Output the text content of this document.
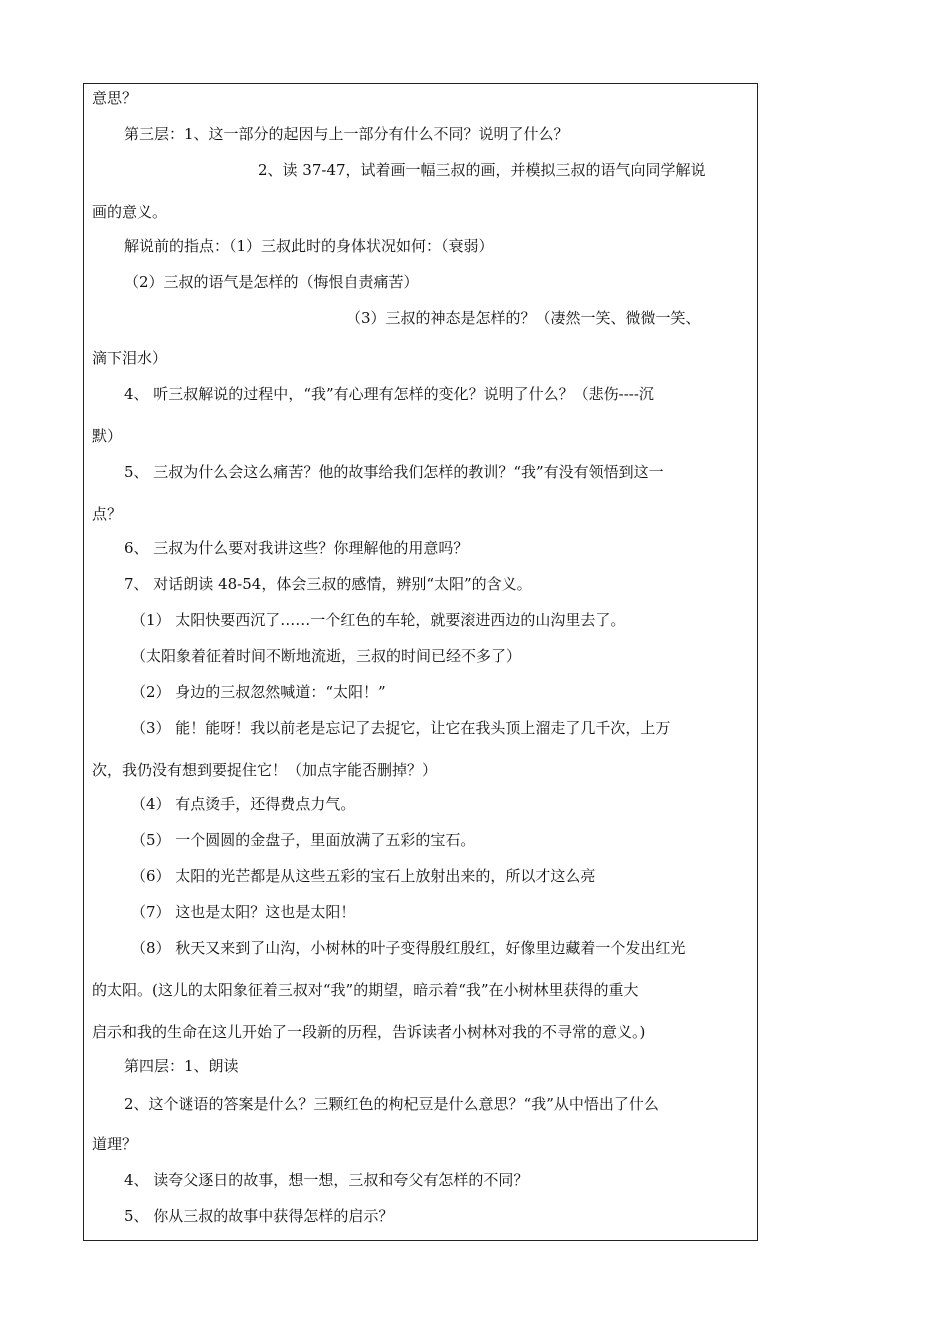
意思？
第三层：1、这一部分的起因与上一部分有什么不同？说明了什么？
2、读 37-47，试着画一幅三叔的画，并模拟三叔的语气向同学解说
画的意义。
解说前的指点：（1）三叔此时的身体状况如何：（衰弱）
（2）三叔的语气是怎样的（悔恨自责痛苦）
（3）三叔的神态是怎样的？（凄然一笑、微微一笑、
滴下泪水）
4、 听三叔解说的过程中，“我”有心理有怎样的变化？说明了什么？（悲伤----沉
默）
5、 三叔为什么会这么痛苦？他的故事给我们怎样的教训？“我”有没有领悟到这一
点？
6、 三叔为什么要对我讲这些？你理解他的用意吗？
7、 对话朗读 48-54，体会三叔的感情，辨别“太阳”的含义。
（1） 太阳快要西沉了……一个红色的车轮，就要滚进西边的山沟里去了。
（太阳象着征着时间不断地流逝，三叔的时间已经不多了）
（2） 身边的三叔忽然喊道：“太阳！”
（3） 能！能呀！我以前老是忘记了去捉它，让它在我头顶上溜走了几千次，上万
次，我仍没有想到要捉住它！（加点字能否删掉？）
（4） 有点烫手，还得费点力气。
（5） 一个圆圆的金盘子，里面放满了五彩的宝石。
（6） 太阳的光芒都是从这些五彩的宝石上放射出来的，所以才这么亮
（7） 这也是太阳？这也是太阳！
（8） 秋天又来到了山沟，小树林的叶子变得殷红殷红，好像里边藏着一个发出红光
的太阳。(这儿的太阳象征着三叔对“我”的期望，暗示着“我”在小树林里获得的重大
启示和我的生命在这儿开始了一段新的历程，告诉读者小树林对我的不寻常的意义。)
第四层：1、朗读
2、这个谜语的答案是什么？三颗红色的枸杞豆是什么意思？“我”从中悟出了什么
道理？
4、 读夸父逐日的故事，想一想，三叔和夸父有怎样的不同？
5、 你从三叔的故事中获得怎样的启示？
